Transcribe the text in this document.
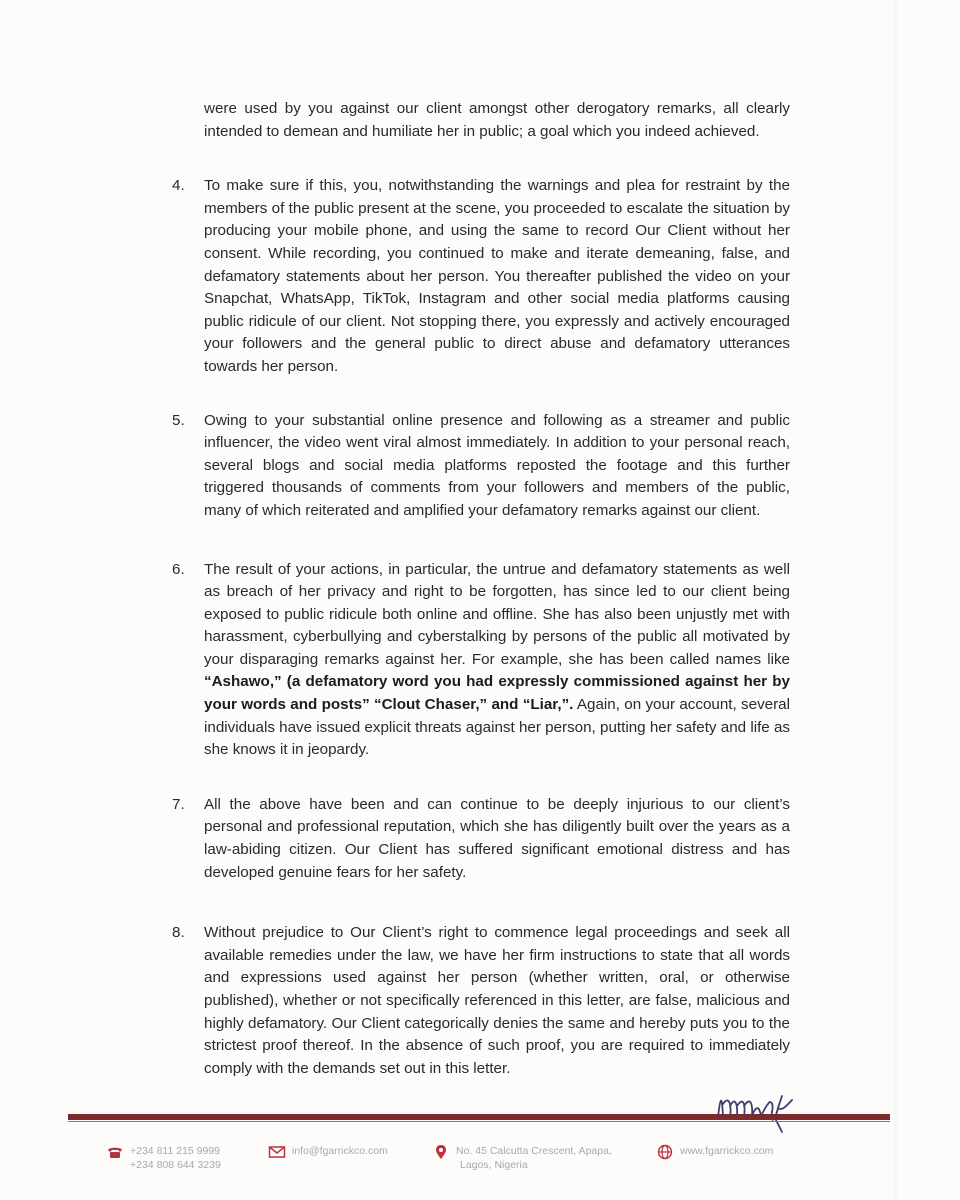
were used by you against our client amongst other derogatory remarks, all clearly intended to demean and humiliate her in public; a goal which you indeed achieved.

4.	To make sure if this, you, notwithstanding the warnings and plea for restraint by the members of the public present at the scene, you proceeded to escalate the situation by producing your mobile phone, and using the same to record Our Client without her consent. While recording, you continued to make and iterate demeaning, false, and defamatory statements about her person. You thereafter published the video on your Snapchat, WhatsApp, TikTok, Instagram and other social media platforms causing public ridicule of our client. Not stopping there, you expressly and actively encouraged your followers and the general public to direct abuse and defamatory utterances towards her person.
5.	Owing to your substantial online presence and following as a streamer and public influencer, the video went viral almost immediately. In addition to your personal reach, several blogs and social media platforms reposted the footage and this further triggered thousands of comments from your followers and members of the public, many of which reiterated and amplified your defamatory remarks against our client.
6.	The result of your actions, in particular, the untrue and defamatory statements as well as breach of her privacy and right to be forgotten, has since led to our client being exposed to public ridicule both online and offline. She has also been unjustly met with harassment, cyberbullying and cyberstalking by persons of the public all motivated by your disparaging remarks against her. For example, she has been called names like “Ashawo,” (a defamatory word you had expressly commissioned against her by your words and posts” “Clout Chaser,” and “Liar,”. Again, on your account, several individuals have issued explicit threats against her person, putting her safety and life as she knows it in jeopardy.
7.	All the above have been and can continue to be deeply injurious to our client’s personal and professional reputation, which she has diligently built over the years as a law-abiding citizen. Our Client has suffered significant emotional distress and has developed genuine fears for her safety.
8.	Without prejudice to Our Client’s right to commence legal proceedings and seek all available remedies under the law, we have her firm instructions to state that all words and expressions used against her person (whether written, oral, or otherwise published), whether or not specifically referenced in this letter, are false, malicious and highly defamatory. Our Client categorically denies the same and hereby puts you to the strictest proof thereof. In the absence of such proof, you are required to immediately comply with the demands set out in this letter.
+234 811 215 9999
+234 808 644 3239
info@fgarrickco.com	No. 45 Calcutta Crescent, Apapa,
Lagos, Nigeria
www.fgarrickco.com
